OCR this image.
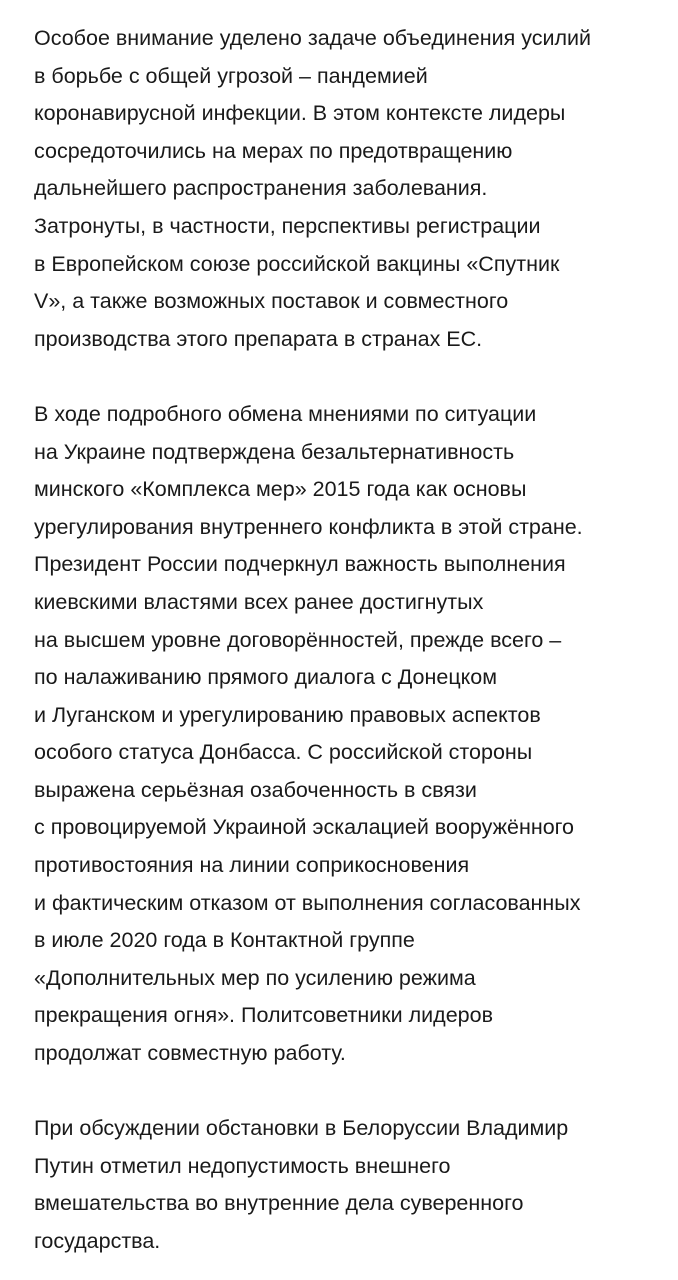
Особое внимание уделено задаче объединения усилий
в борьбе с общей угрозой – пандемией
коронавирусной инфекции. В этом контексте лидеры
сосредоточились на мерах по предотвращению
дальнейшего распространения заболевания.
Затронуты, в частности, перспективы регистрации
в Европейском союзе российской вакцины «Спутник
V», а также возможных поставок и совместного
производства этого препарата в странах ЕС.

В ходе подробного обмена мнениями по ситуации
на Украине подтверждена безальтернативность
минского «Комплекса мер» 2015 года как основы
урегулирования внутреннего конфликта в этой стране.
Президент России подчеркнул важность выполнения
киевскими властями всех ранее достигнутых
на высшем уровне договорённостей, прежде всего –
по налаживанию прямого диалога с Донецком
и Луганском и урегулированию правовых аспектов
особого статуса Донбасса. С российской стороны
выражена серьёзная озабоченность в связи
с провоцируемой Украиной эскалацией вооружённого
противостояния на линии соприкосновения
и фактическим отказом от выполнения согласованных
в июле 2020 года в Контактной группе
«Дополнительных мер по усилению режима
прекращения огня». Политсоветники лидеров
продолжат совместную работу.

При обсуждении обстановки в Белоруссии Владимир
Путин отметил недопустимость внешнего
вмешательства во внутренние дела суверенного
государства.
